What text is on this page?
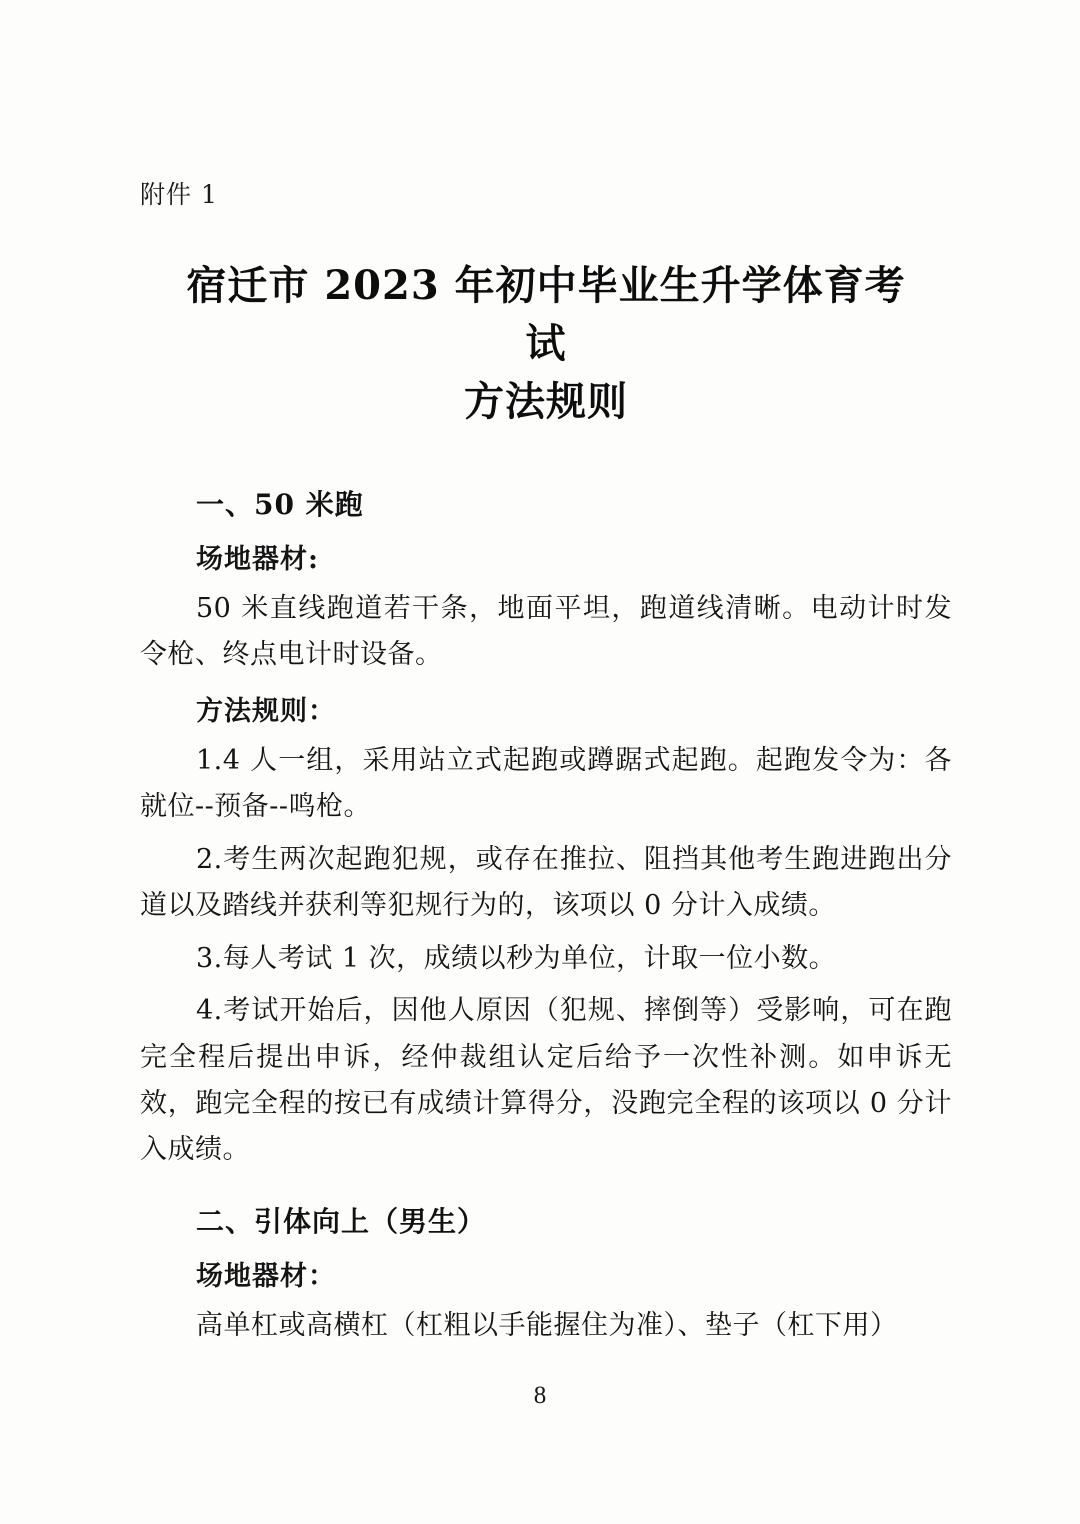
附件 1
宿迁市 2023 年初中毕业生升学体育考试
方法规则
一、50 米跑
场地器材:

50 米直线跑道若干条，地面平坦，跑道线清晰。电动计时发令枪、终点电计时设备。

方法规则：

1.4 人一组，采用站立式起跑或蹲踞式起跑。起跑发令为：各就位--预备--鸣枪。

2.考生两次起跑犯规，或存在推拉、阻挡其他考生跑进跑出分道以及踏线并获利等犯规行为的，该项以 0 分计入成绩。

3.每人考试 1 次，成绩以秒为单位，计取一位小数。

4.考试开始后，因他人原因（犯规、摔倒等）受影响，可在跑完全程后提出申诉，经仲裁组认定后给予一次性补测。如申诉无效，跑完全程的按已有成绩计算得分，没跑完全程的该项以 0 分计入成绩。

二、引体向上（男生）
场地器材：

高单杠或高横杠（杠粗以手能握住为准）、垫子（杠下用）

8
